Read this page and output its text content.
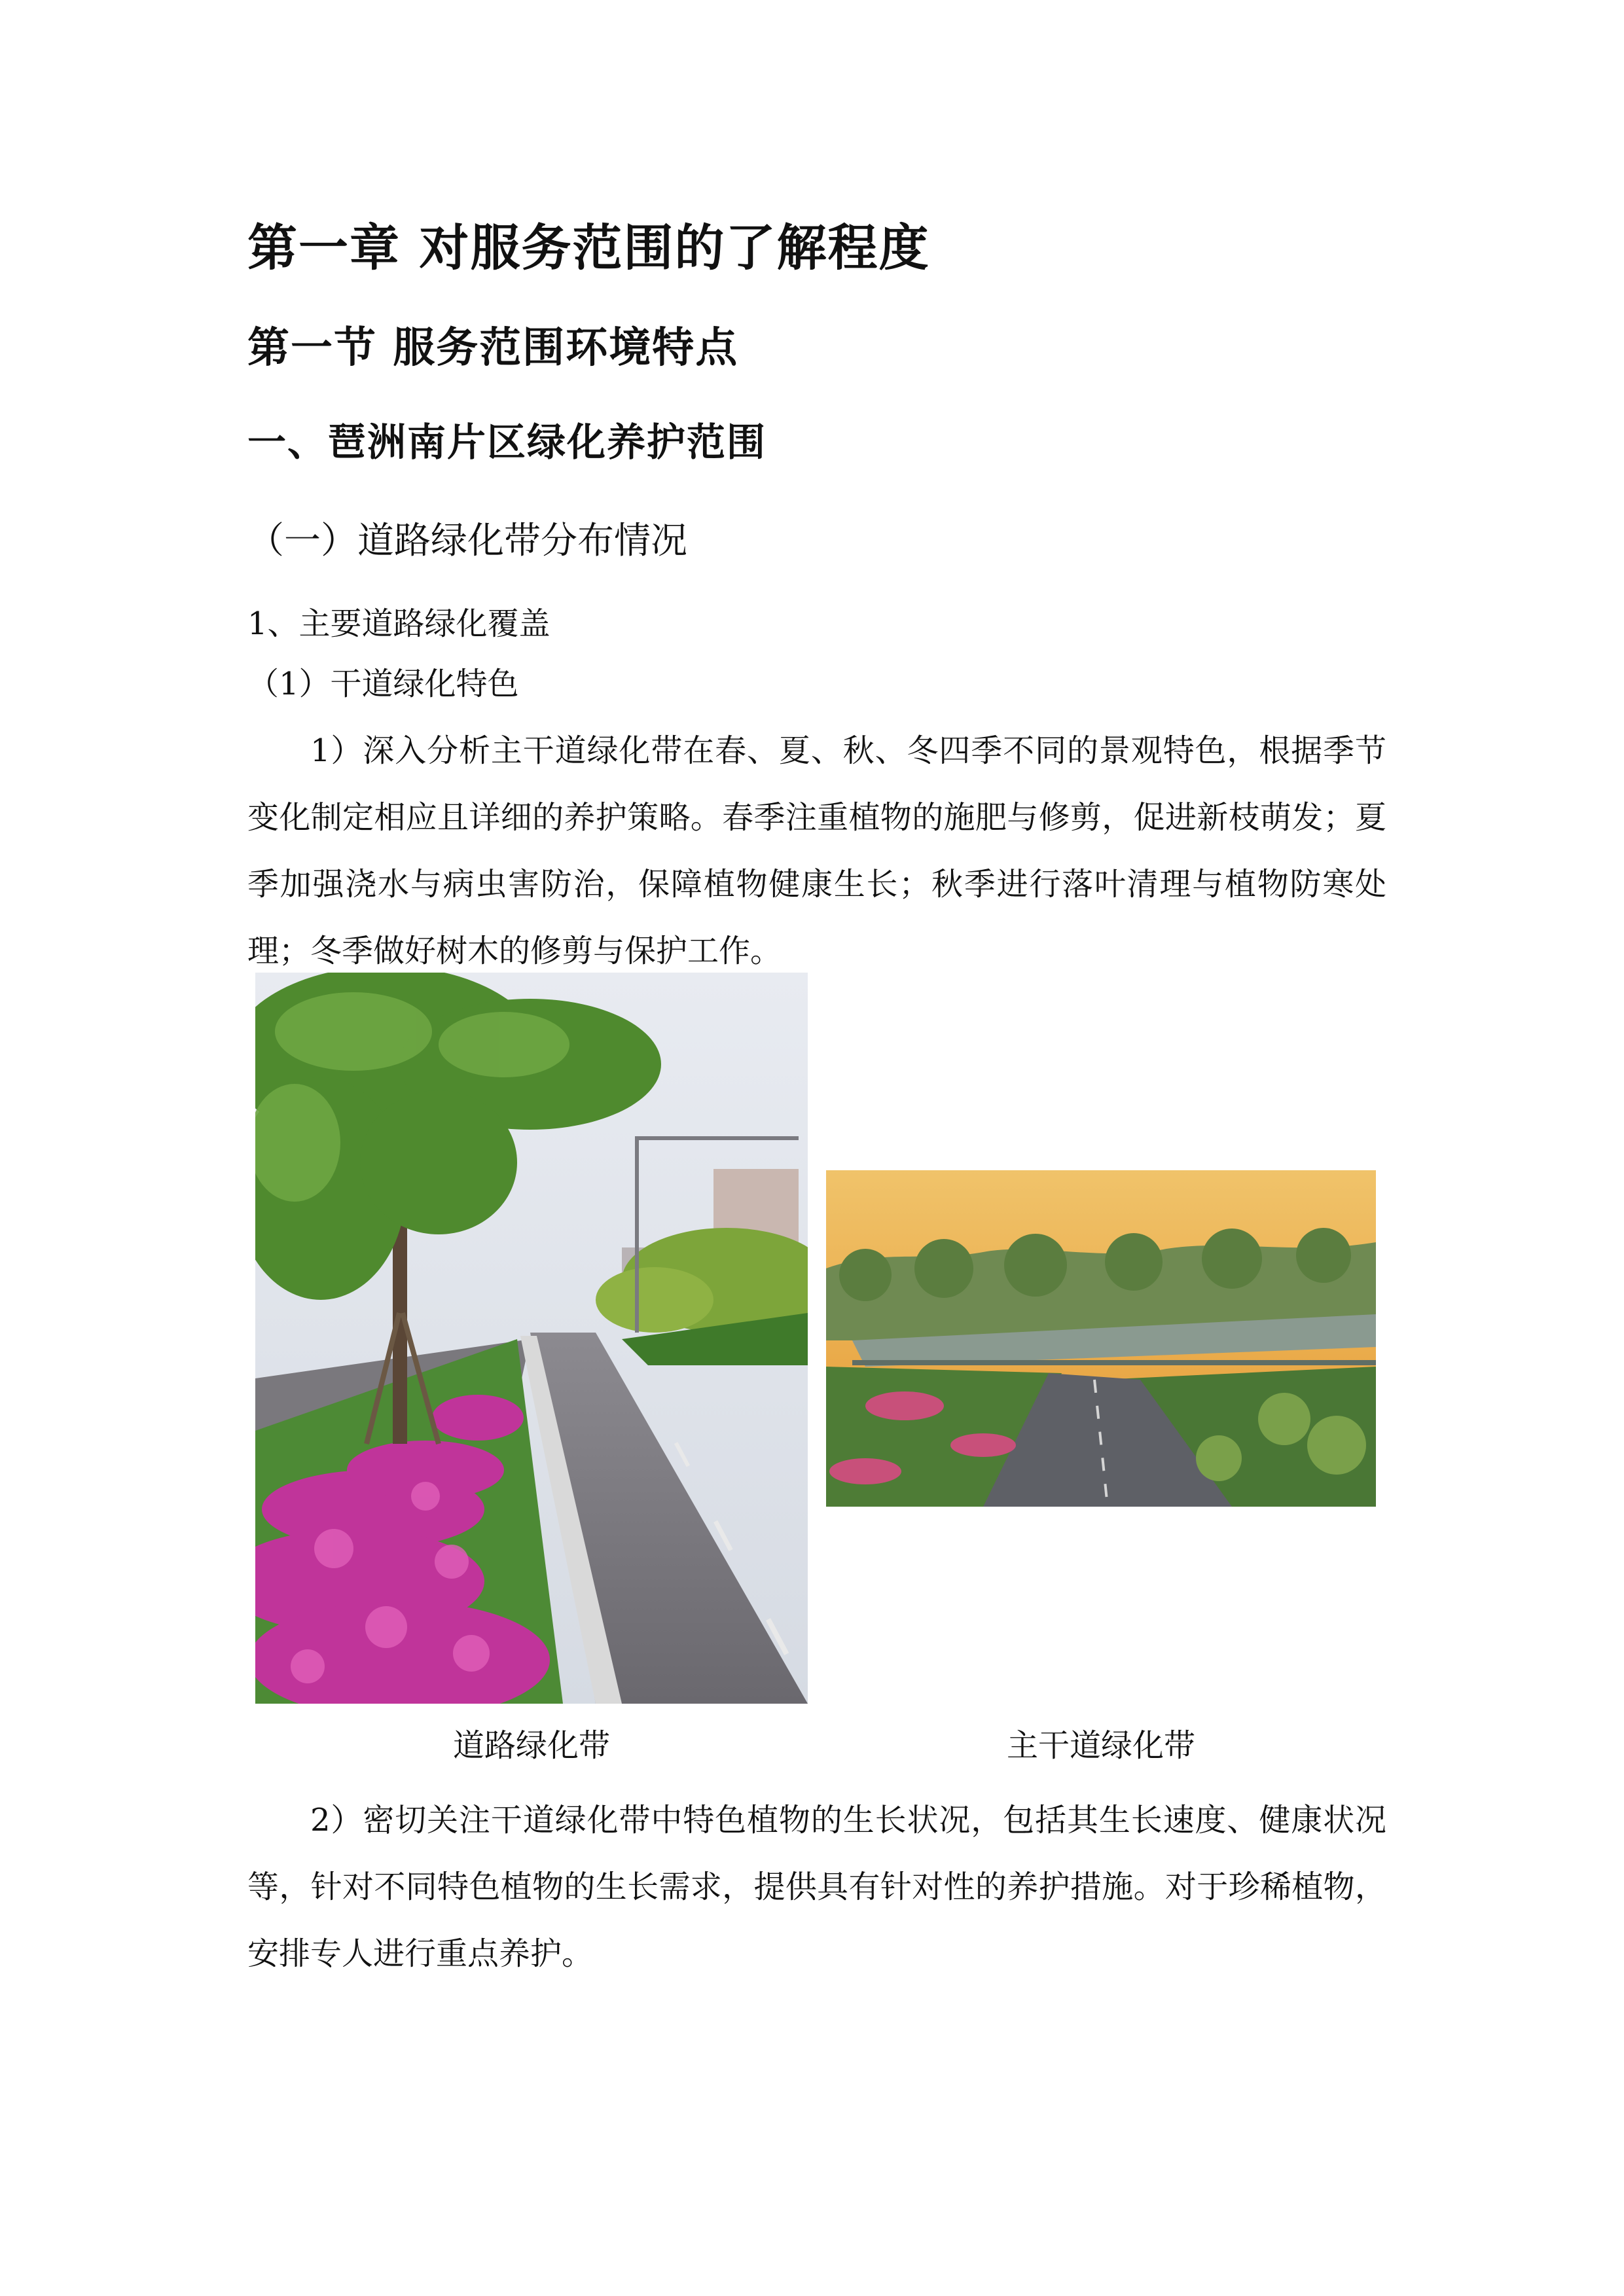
第一章 对服务范围的了解程度
第一节 服务范围环境特点
一、琶洲南片区绿化养护范围
（一）道路绿化带分布情况
1、主要道路绿化覆盖
（1）干道绿化特色

1）深入分析主干道绿化带在春、夏、秋、冬四季不同的景观特色，根据季节变化制定相应且详细的养护策略。春季注重植物的施肥与修剪，促进新枝萌发；夏季加强浇水与病虫害防治，保障植物健康生长；秋季进行落叶清理与植物防寒处理；冬季做好树木的修剪与保护工作。

道路绿化带	主干道绿化带

2）密切关注干道绿化带中特色植物的生长状况，包括其生长速度、健康状况等，针对不同特色植物的生长需求，提供具有针对性的养护措施。对于珍稀植物，安排专人进行重点养护。
